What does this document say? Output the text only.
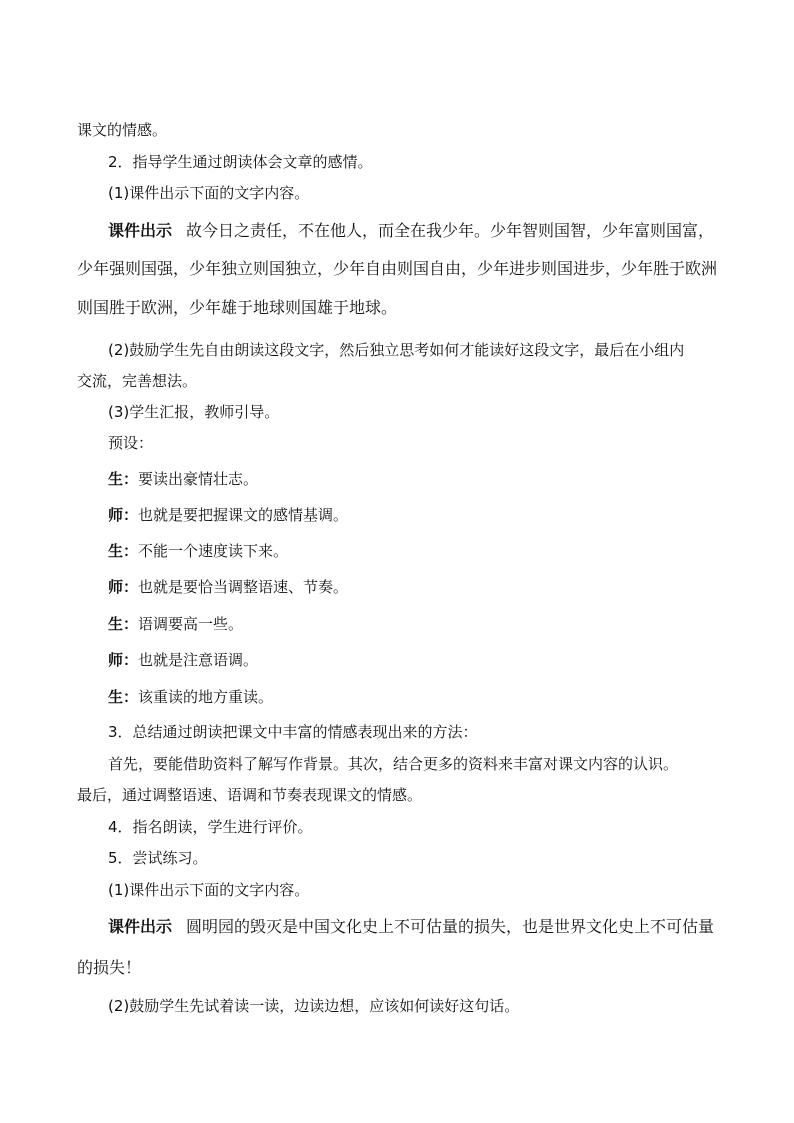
课文的情感。
2．指导学生通过朗读体会文章的感情。
(1)课件出示下面的文字内容。
课件出示 故今日之责任，不在他人，而全在我少年。少年智则国智，少年富则国富，
少年强则国强，少年独立则国独立，少年自由则国自由，少年进步则国进步，少年胜于欧洲
则国胜于欧洲，少年雄于地球则国雄于地球。
(2)鼓励学生先自由朗读这段文字，然后独立思考如何才能读好这段文字，最后在小组内
交流，完善想法。
(3)学生汇报，教师引导。
预设：
生：要读出豪情壮志。
师：也就是要把握课文的感情基调。
生：不能一个速度读下来。
师：也就是要恰当调整语速、节奏。
生：语调要高一些。
师：也就是注意语调。
生：该重读的地方重读。
3．总结通过朗读把课文中丰富的情感表现出来的方法：
首先，要能借助资料了解写作背景。其次，结合更多的资料来丰富对课文内容的认识。
最后，通过调整语速、语调和节奏表现课文的情感。
4．指名朗读，学生进行评价。
5．尝试练习。
(1)课件出示下面的文字内容。
课件出示 圆明园的毁灭是中国文化史上不可估量的损失，也是世界文化史上不可估量
的损失！
(2)鼓励学生先试着读一读，边读边想，应该如何读好这句话。
